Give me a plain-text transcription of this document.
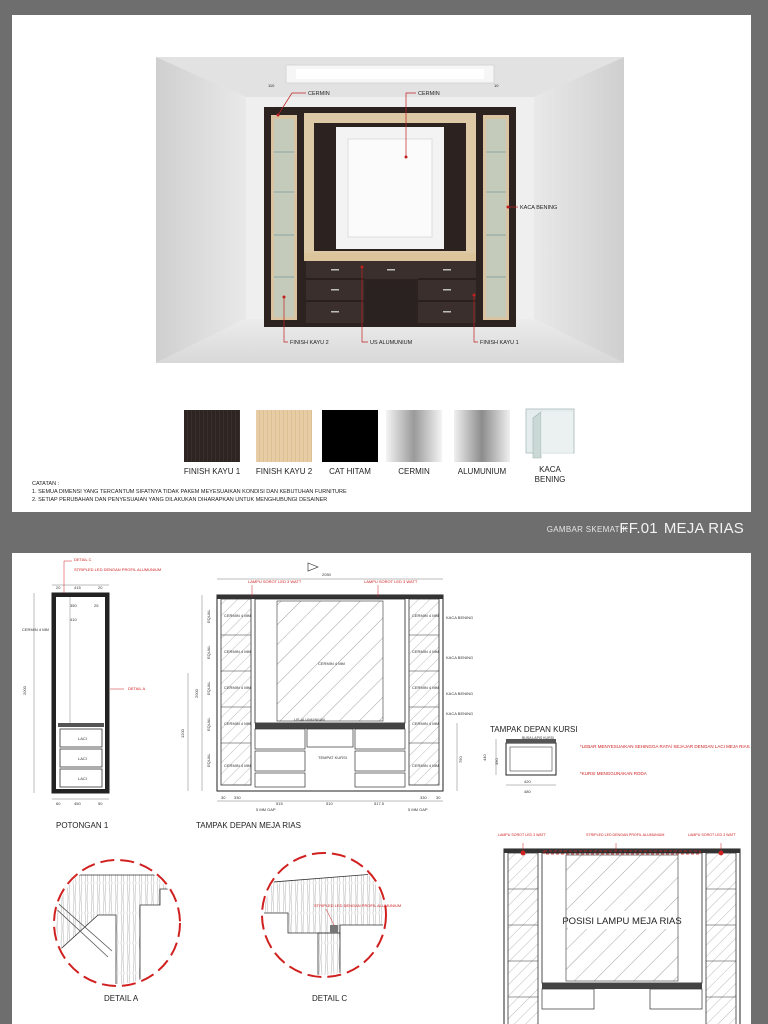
CERMIN	CERMIN
KACA BENING
FINISH KAYU 2	US ALUMUNIUM	FINISH KAYU 1
110	10
FINISH KAYU 1	FINISH KAYU 2	CAT HITAM	CERMIN	ALUMUNIUM	KACA
BENING
CATATAN :
1. SEMUA DIMENSI YANG TERCANTUM SIFATNYA TIDAK PAKEM MEYESUAIKAN KONDISI DAN KEBUTUHAN FURNITURE
2. SETIAP PERUBAHAN DAN PENYESUAIAN YANG DILAKUKAN DIHARAPKAN UNTUK MENGHUBUNGI DESAINER
GAMBAR SKEMATIK
FF.01 MEJA RIAS
LACI
LACI
LACI
CERMIN 4 MM
2000
20	415	20
60	450	50
350
410
25
DETAIL C
STRIPLED LED DENGAN PROFIL ALUMUNIUM
DETAIL A
2050
2000
1200
750
CERMIN 4 MM
CERMIN 4 MM
CERMIN 4 MM
CERMIN 4 MM
CERMIN 4 MM
CERMIN 4 MM
CERMIN 4 MM
CERMIN 4 MM
CERMIN 4 MM
CERMIN 4 MM
CERMIN 4 MM
KACA BENING
KACA BENING
KACA BENING
KACA BENING
US ALUMUNIUM
TEMPAT KURSI
5 MM GAP	5 MM GAP
30 330
515	510	517.5
330 30
EQUAL
EQUAL
EQUAL
EQUAL
EQUAL
LAMPU SOROT LED 3 WATT	LAMPU SOROT LED 3 WATT
BUSA LAPIS KURSI
440
390
480
420
*LEBAR MENYESUAIKAN SEHINGGA RATA/ SEJAJAR DENGAN LACI MEJA RIAS
*KURSI MENGGUNAKAN RODA
STRIPLED LED DENGAN PROFIL ALUMUNIUM
LAMPU SOROT LED 3 WATT	STRIPLED LED DENGAN PROFIL ALUMUNIUM	LAMPU SOROT LED 3 WATT
POSISI LAMPU MEJA RIAS
POTONGAN 1	TAMPAK DEPAN MEJA RIAS
TAMPAK DEPAN KURSI
DETAIL A	DETAIL C
